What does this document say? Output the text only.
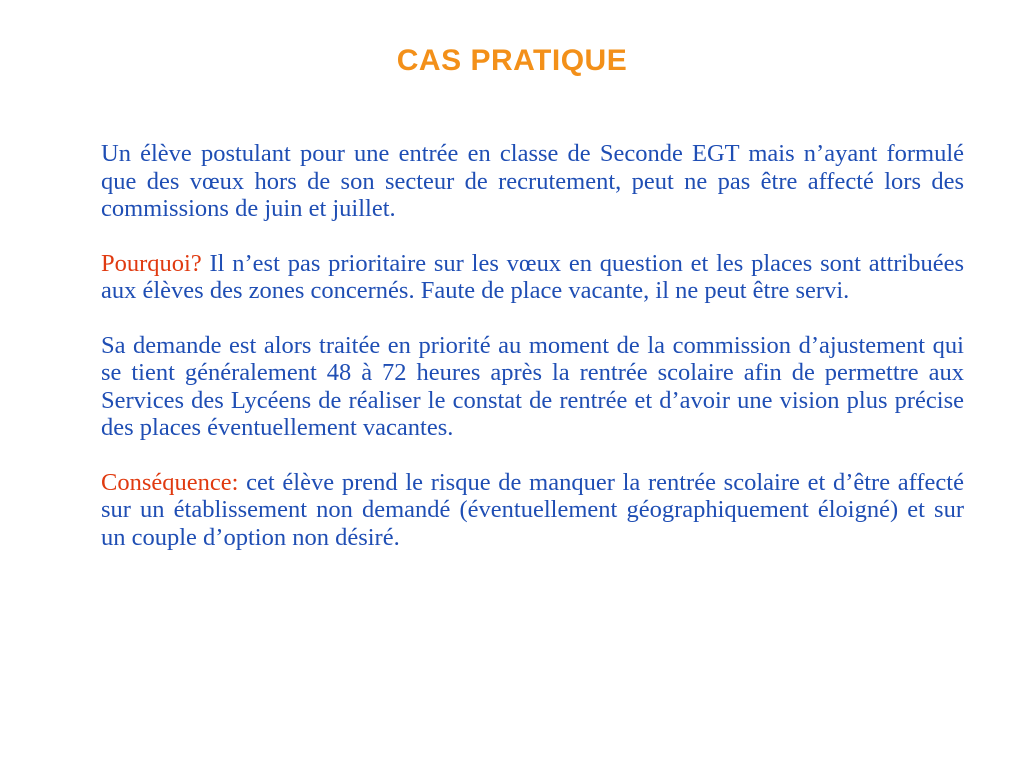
CAS PRATIQUE

Un élève postulant pour une entrée en classe de Seconde EGT mais n’ayant formulé que des vœux hors de son secteur de recrutement, peut ne pas être affecté lors des commissions de juin et juillet.

Pourquoi? Il n’est pas prioritaire sur les vœux en question et les places sont attribuées aux élèves des zones concernés. Faute de place vacante, il ne peut être servi.

Sa demande est alors traitée en priorité au moment de la commission d’ajustement qui se tient généralement 48 à 72 heures après la rentrée scolaire afin de permettre aux Services des Lycéens de réaliser le constat de rentrée et d’avoir une vision plus précise des places éventuellement vacantes.

Conséquence: cet élève prend le risque de manquer la rentrée scolaire et d’être affecté sur un établissement non demandé (éventuellement géographiquement éloigné) et sur un couple d’option non désiré.
